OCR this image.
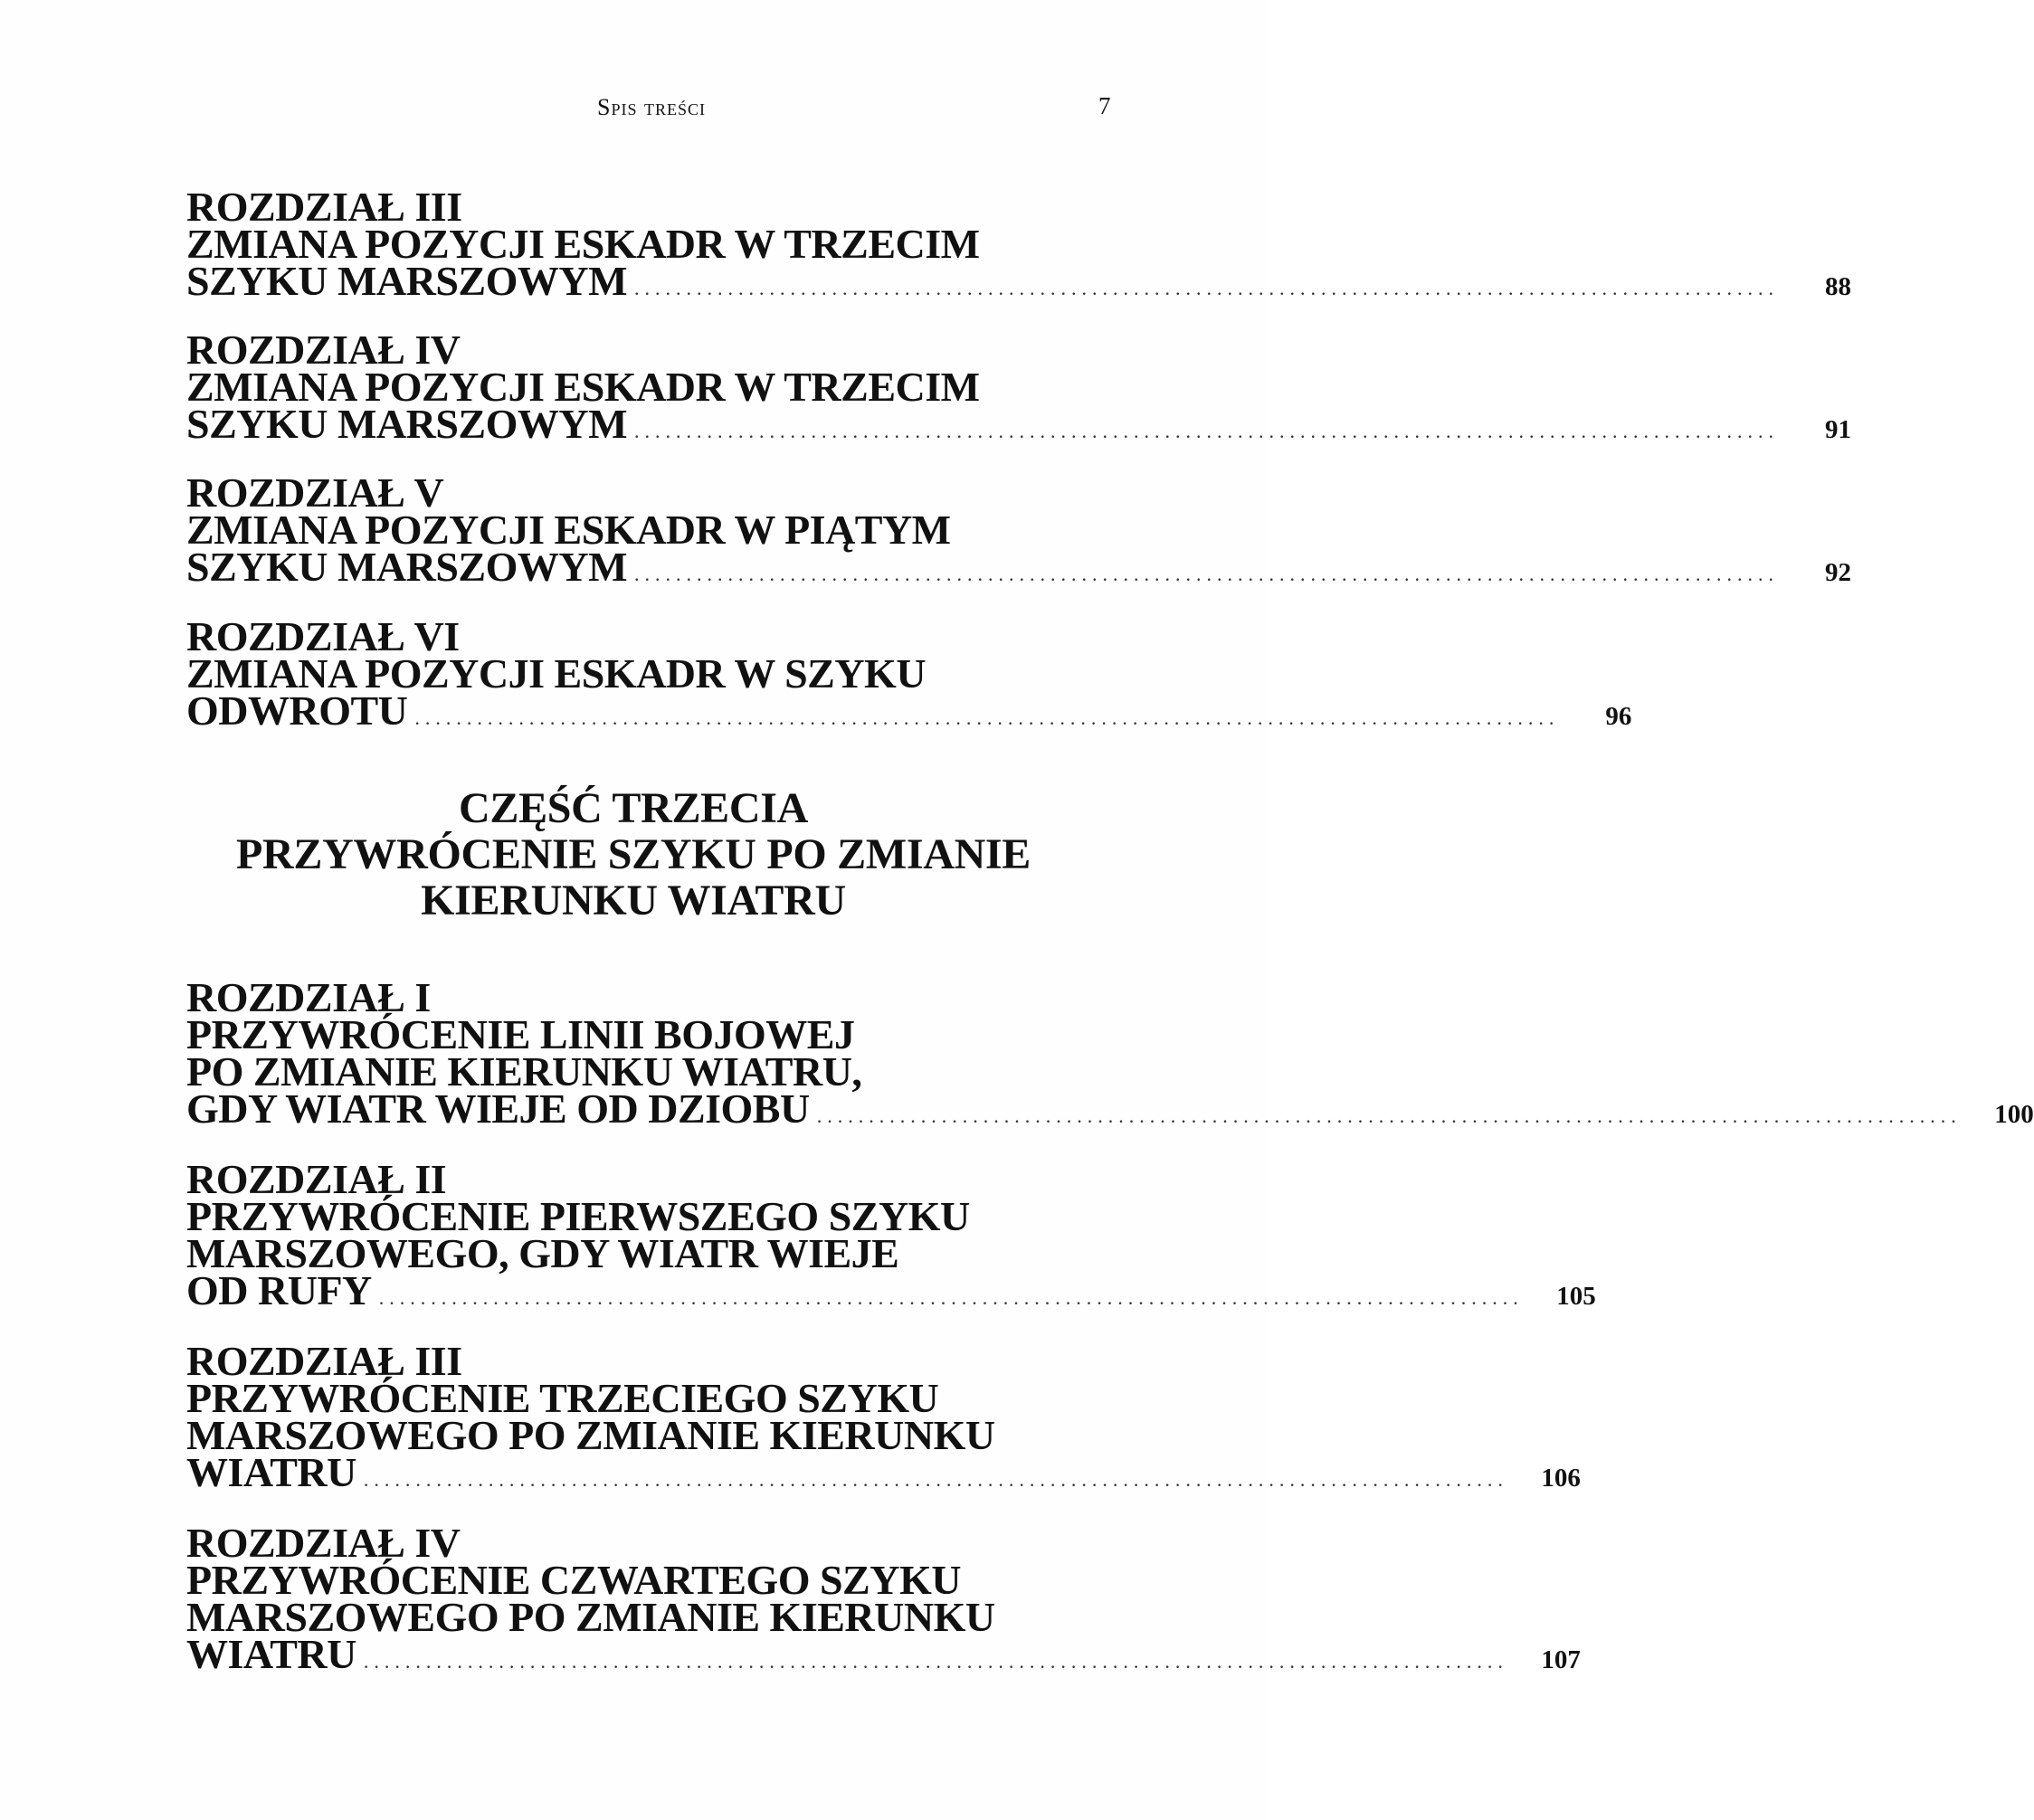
Spis treści	7
ROZDZIAŁ III
ZMIANA POZYCJI ESKADR W TRZECIM
SZYKU MARSZOWYM ..............................................................................................................	88
ROZDZIAŁ IV
ZMIANA POZYCJI ESKADR W TRZECIM
SZYKU MARSZOWYM ..............................................................................................................	91
ROZDZIAŁ V
ZMIANA POZYCJI ESKADR W PIĄTYM
SZYKU MARSZOWYM ..............................................................................................................	92
ROZDZIAŁ VI
ZMIANA POZYCJI ESKADR W SZYKU
ODWROTU ..............................................................................................................	96
ROZDZIAŁ I
PRZYWRÓCENIE LINII BOJOWEJ
PO ZMIANIE KIERUNKU WIATRU,
GDY WIATR WIEJE OD DZIOBU ..............................................................................................................	100
ROZDZIAŁ II
PRZYWRÓCENIE PIERWSZEGO SZYKU
MARSZOWEGO, GDY WIATR WIEJE
OD RUFY ..............................................................................................................	105
ROZDZIAŁ III
PRZYWRÓCENIE TRZECIEGO SZYKU
MARSZOWEGO PO ZMIANIE KIERUNKU
WIATRU ..............................................................................................................	106
ROZDZIAŁ IV
PRZYWRÓCENIE CZWARTEGO SZYKU
MARSZOWEGO PO ZMIANIE KIERUNKU
WIATRU ..............................................................................................................	107
CZĘŚĆ TRZECIA
PRZYWRÓCENIE SZYKU PO ZMIANIE
KIERUNKU WIATRU
